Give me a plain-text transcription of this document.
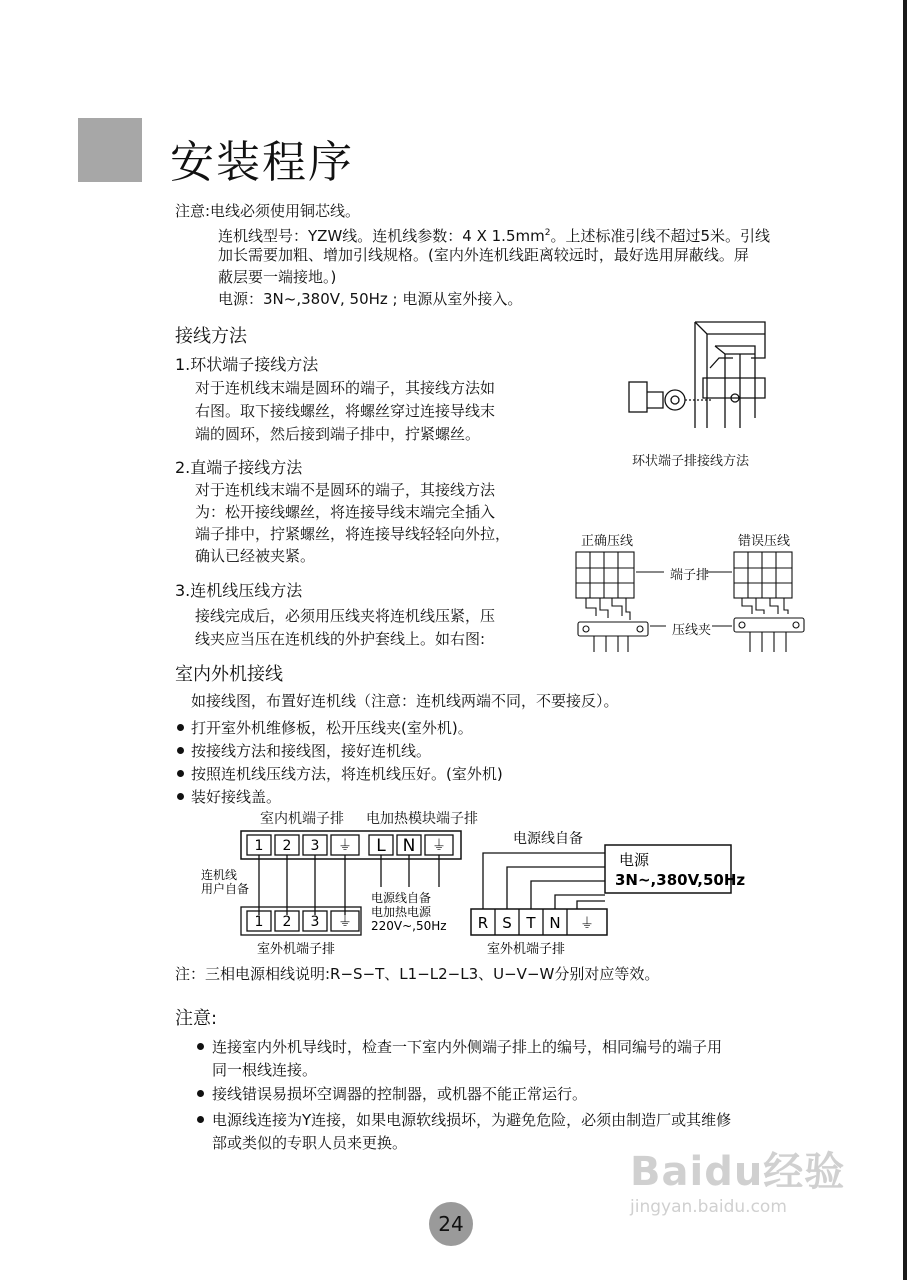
安装程序
注意:电线必须使用铜芯线。
连机线型号：YZW线。连机线参数：4 X $1.5mm^2$。上述标准引线不超过5米。引线
加长需要加粗、增加引线规格。(室内外连机线距离较远时，最好选用屏蔽线。屏
蔽层要一端接地。)
电源：3N~,380V, 50Hz ; 电源从室外接入。
接线方法
1.环状端子接线方法
对于连机线末端是圆环的端子，其接线方法如
右图。取下接线螺丝，将螺丝穿过连接导线末
端的圆环，然后接到端子排中，拧紧螺丝。
2.直端子接线方法
对于连机线末端不是圆环的端子，其接线方法
为：松开接线螺丝，将连接导线末端完全插入
端子排中，拧紧螺丝，将连接导线轻轻向外拉，
确认已经被夹紧。
3.连机线压线方法
接线完成后，必须用压线夹将连机线压紧，压
线夹应当压在连机线的外护套线上。如右图:
环状端子排接线方法
正确压线	错误压线
端子排
压线夹
室内外机接线
如接线图，布置好连机线（注意：连机线两端不同，不要接反）。
打开室外机维修板，松开压线夹(室外机)。
按接线方法和接线图，接好连机线。
按照连机线压线方法，将连机线压好。(室外机)
装好接线盖。
室内机端子排 电加热模块端子排
1 2 3 ⏚ L N ⏚
连机线
用户自备
1 2 3 ⏚
室外机端子排
电源线自备
电加热电源
220V~,50Hz
电源线自备
电源
3N~,380V,50Hz
R S T N ⏚
室外机端子排
注：三相电源相线说明:R−S−T、L1−L2−L3、U−V−W分别对应等效。
注意:
连接室内外机导线时，检查一下室内外侧端子排上的编号，相同编号的端子用
同一根线连接。
接线错误易损坏空调器的控制器，或机器不能正常运行。
电源线连接为Y连接，如果电源软线损坏，为避免危险，必须由制造厂或其维修
部或类似的专职人员来更换。
Baidu经验
jingyan.baidu.com
24
